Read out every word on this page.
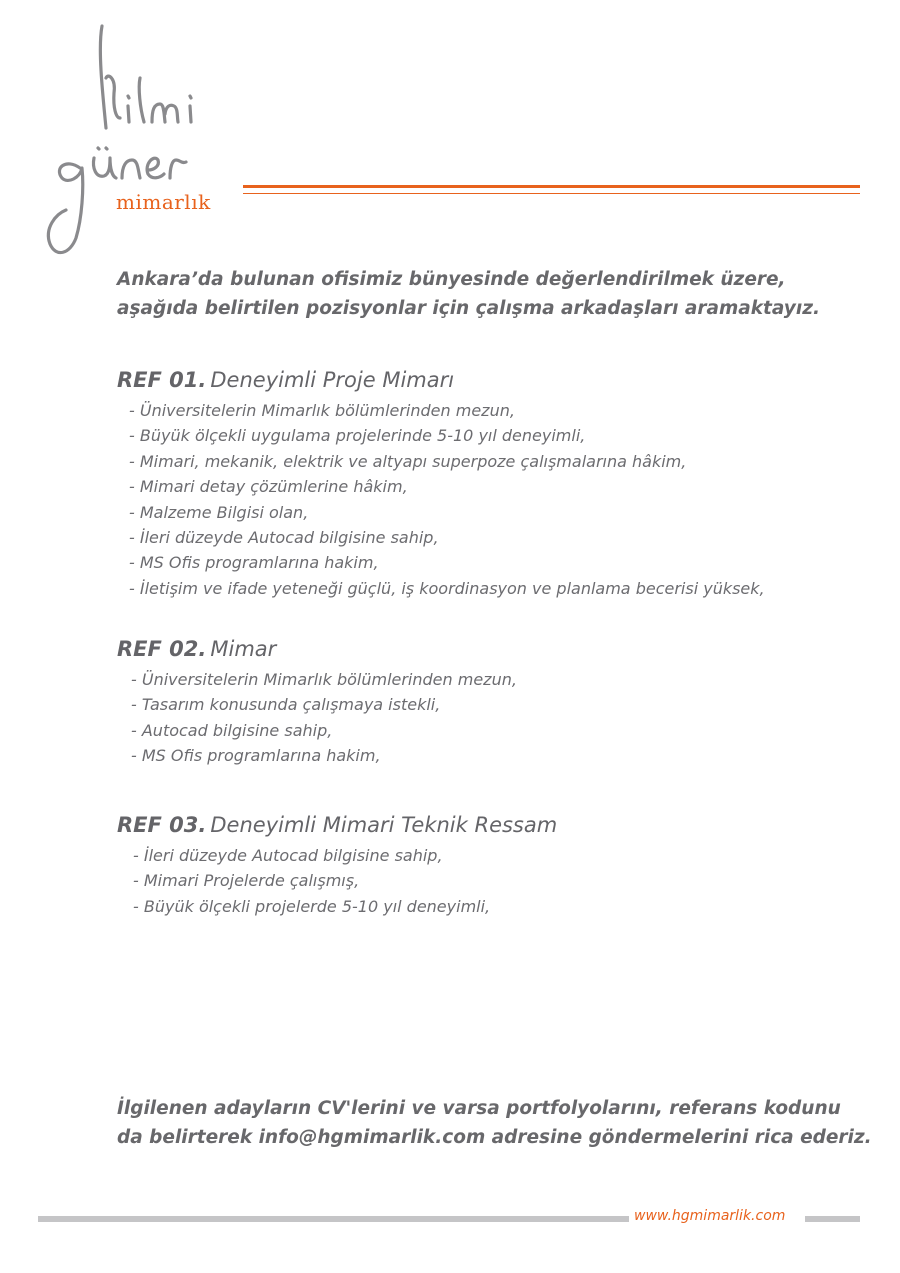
mimarlık

Ankara’da bulunan ofisimiz bünyesinde değerlendirilmek üzere,

aşağıda belirtilen pozisyonlar için çalışma arkadaşları aramaktayız.

REF 01. Deneyimli Proje Mimarı
- Üniversitelerin Mimarlık bölümlerinden mezun,
- Büyük ölçekli uygulama projelerinde 5-10 yıl deneyimli,
- Mimari, mekanik, elektrik ve altyapı superpoze çalışmalarına hâkim,
- Mimari detay çözümlerine hâkim,
- Malzeme Bilgisi olan,
- İleri düzeyde Autocad bilgisine sahip,
- MS Ofis programlarına hakim,
- İletişim ve ifade yeteneği güçlü, iş koordinasyon ve planlama becerisi yüksek,
REF 02. Mimar
- Üniversitelerin Mimarlık bölümlerinden mezun,
- Tasarım konusunda çalışmaya istekli,
- Autocad bilgisine sahip,
- MS Ofis programlarına hakim,
REF 03. Deneyimli Mimari Teknik Ressam
- İleri düzeyde Autocad bilgisine sahip,
- Mimari Projelerde çalışmış,
- Büyük ölçekli projelerde 5-10 yıl deneyimli,

İlgilenen adayların CV'lerini ve varsa portfolyolarını, referans kodunu

da belirterek info@hgmimarlik.com adresine göndermelerini rica ederiz.

www.hgmimarlik.com
